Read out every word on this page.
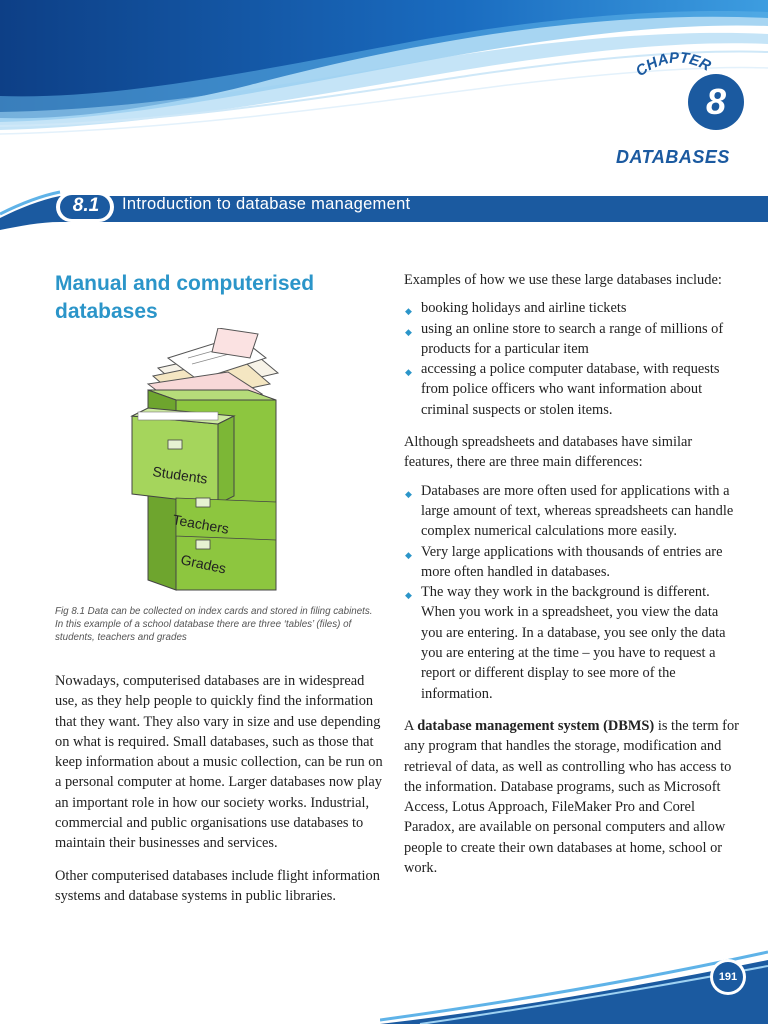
CHAPTER
8
DATABASES
8.1	Introduction to database management
Manual and computerised
databases
Students
Teachers
Grades
Fig 8.1 Data can be collected on index cards and stored in filing cabinets. In this example of a school database there are three ‘tables’ (files) of students, teachers and grades

Nowadays, computerised databases are in widespread use, as they help people to quickly find the information that they want. They also vary in size and use depending on what is required. Small databases, such as those that keep information about a music collection, can be run on a personal computer at home. Larger databases now play an important role in how our society works. Industrial, commercial and public organisations use databases to maintain their businesses and services.

Other computerised databases include flight information systems and database systems in public libraries.

Examples of how we use these large databases include:

◆ booking holidays and airline tickets
◆ using an online store to search a range of millions of products for a particular item
◆ accessing a police computer database, with requests from police officers who want information about criminal suspects or stolen items.

Although spreadsheets and databases have similar features, there are three main differences:

◆ Databases are more often used for applications with a large amount of text, whereas spreadsheets can handle complex numerical calculations more easily.
◆ Very large applications with thousands of entries are more often handled in databases.
◆ The way they work in the background is different. When you work in a spreadsheet, you view the data you are entering. In a database, you see only the data you are entering at the time – you have to request a report or different display to see more of the information.

A database management system (DBMS) is the term for any program that handles the storage, modification and retrieval of data, as well as controlling who has access to the information. Database programs, such as Microsoft Access, Lotus Approach, FileMaker Pro and Corel Paradox, are available on personal computers and allow people to create their own databases at home, school or work.

191
